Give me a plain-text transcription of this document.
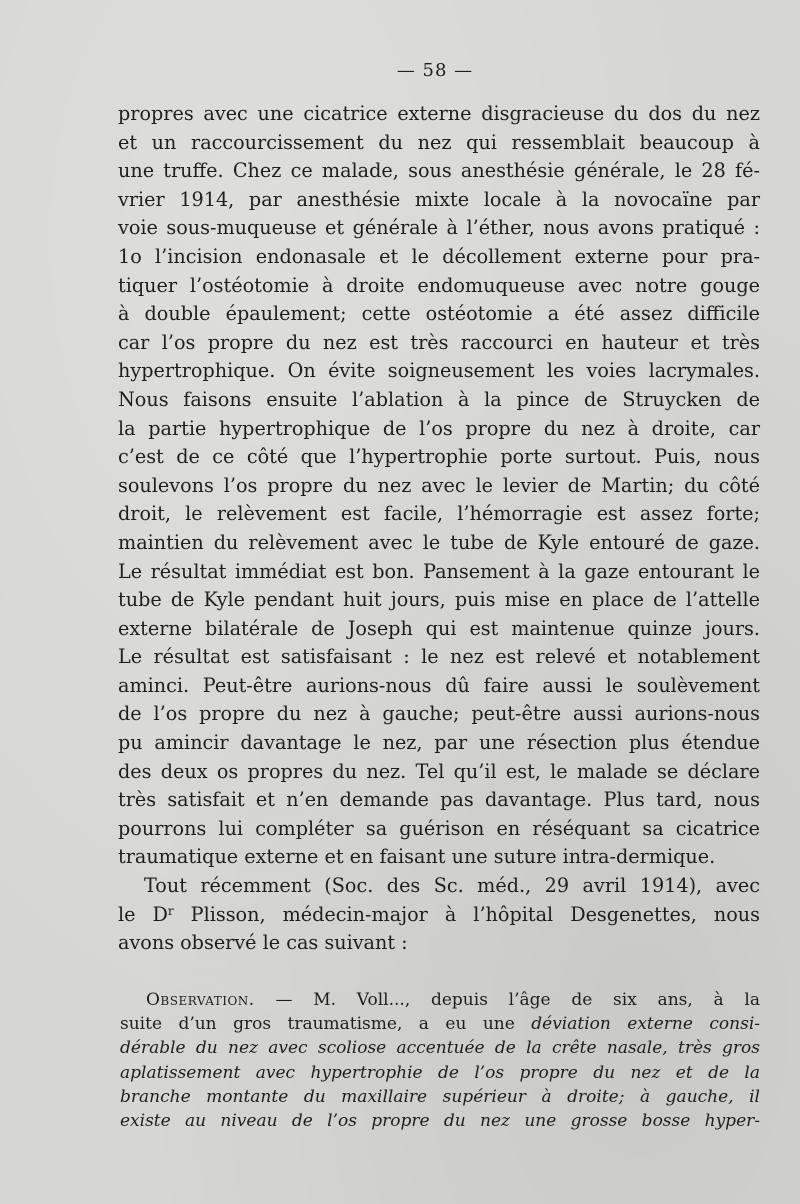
— 58 —
propres avec une cicatrice externe disgracieuse du dos du nez
et un raccourcissement du nez qui ressemblait beaucoup à
une truffe. Chez ce malade, sous anesthésie générale, le 28 fé-
vrier 1914, par anesthésie mixte locale à la novocaïne par
voie sous-muqueuse et générale à l’éther, nous avons pratiqué :
1o l’incision endonasale et le décollement externe pour pra-
tiquer l’ostéotomie à droite endomuqueuse avec notre gouge
à double épaulement; cette ostéotomie a été assez difficile
car l’os propre du nez est très raccourci en hauteur et très
hypertrophique. On évite soigneusement les voies lacrymales.
Nous faisons ensuite l’ablation à la pince de Struycken de
la partie hypertrophique de l’os propre du nez à droite, car
c’est de ce côté que l’hypertrophie porte surtout. Puis, nous
soulevons l’os propre du nez avec le levier de Martin; du côté
droit, le relèvement est facile, l’hémorragie est assez forte;
maintien du relèvement avec le tube de Kyle entouré de gaze.
Le résultat immédiat est bon. Pansement à la gaze entourant le
tube de Kyle pendant huit jours, puis mise en place de l’attelle
externe bilatérale de Joseph qui est maintenue quinze jours.
Le résultat est satisfaisant : le nez est relevé et notablement
aminci. Peut-être aurions-nous dû faire aussi le soulèvement
de l’os propre du nez à gauche; peut-être aussi aurions-nous
pu amincir davantage le nez, par une résection plus étendue
des deux os propres du nez. Tel qu’il est, le malade se déclare
très satisfait et n’en demande pas davantage. Plus tard, nous
pourrons lui compléter sa guérison en réséquant sa cicatrice
traumatique externe et en faisant une suture intra-dermique.
Tout récemment (Soc. des Sc. méd., 29 avril 1914), avec
le $D^r$ Plisson, médecin-major à l’hôpital Desgenettes, nous
avons observé le cas suivant :
Observation. — M. Voll..., depuis l’âge de six ans, à la
suite d’un gros traumatisme, a eu une déviation externe consi-
dérable du nez avec scoliose accentuée de la crête nasale, très gros
aplatissement avec hypertrophie de l’os propre du nez et de la
branche montante du maxillaire supérieur à droite; à gauche, il
existe au niveau de l’os propre du nez une grosse bosse hyper-
